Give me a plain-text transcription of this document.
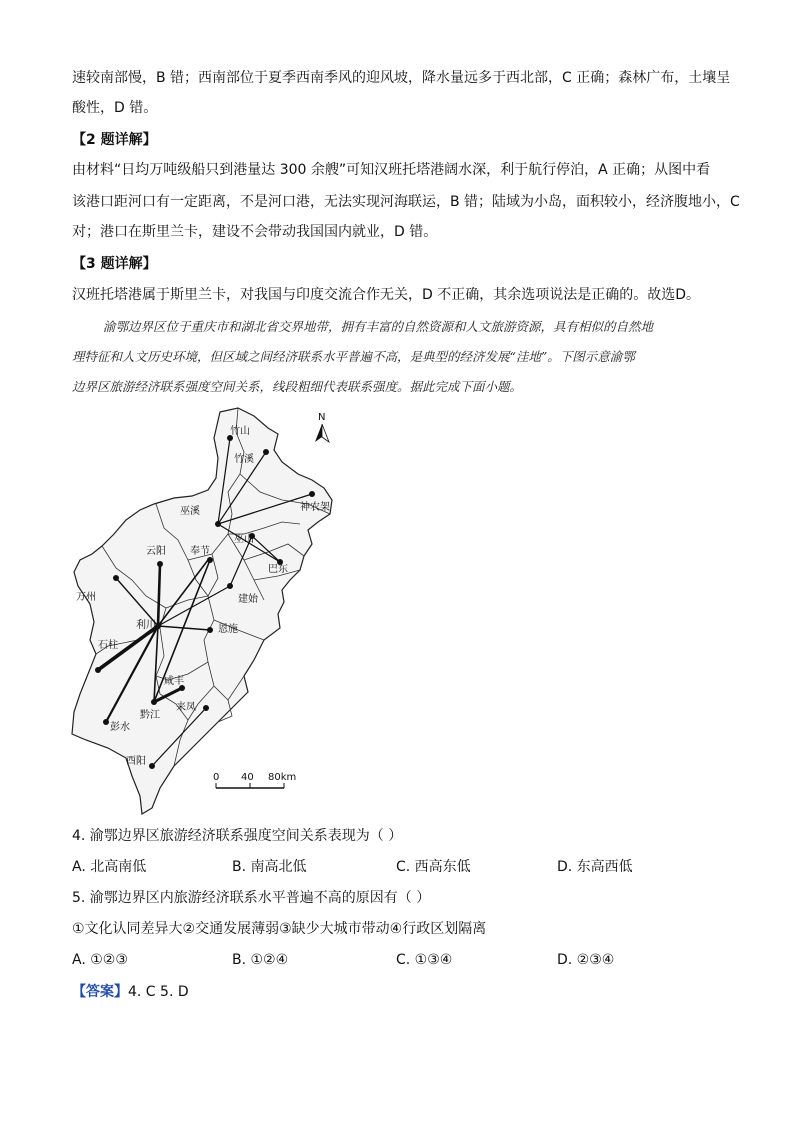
速较南部慢，B 错；西南部位于夏季西南季风的迎风坡，降水量远多于西北部，C 正确；森林广布，土壤呈
酸性，D 错。
【2 题详解】
由材料“日均万吨级船只到港量达 300 余艘”可知汉班托塔港阔水深，利于航行停泊，A 正确；从图中看
该港口距河口有一定距离，不是河口港，无法实现河海联运，B 错；陆域为小岛，面积较小，经济腹地小，C
对；港口在斯里兰卡，建设不会带动我国国内就业，D 错。
【3 题详解】
汉班托塔港属于斯里兰卡，对我国与印度交流合作无关，D 不正确，其余选项说法是正确的。故选D。
渝鄂边界区位于重庆市和湖北省交界地带，拥有丰富的自然资源和人文旅游资源，具有相似的自然地
理特征和人文历史环境，但区域之间经济联系水平普遍不高，是典型的经济发展“洼地”。下图示意渝鄂
边界区旅游经济联系强度空间关系，线段粗细代表联系强度。据此完成下面小题。
竹山
竹溪
巫溪	神农架
云阳 奉节
巫山
巴东
万州	建始
利川	恩施
石柱
咸丰
黔江
来凤
彭水
酉阳
N
0 40 80km
4. 渝鄂边界区旅游经济联系强度空间关系表现为（ ）
A. 北高南低	B. 南高北低	C. 西高东低	D. 东高西低
5. 渝鄂边界区内旅游经济联系水平普遍不高的原因有（ ）
①文化认同差异大②交通发展薄弱③缺少大城市带动④行政区划隔离
A. ①②③	B. ①②④	C. ①③④	D. ②③④
【答案】4. C 5. D
